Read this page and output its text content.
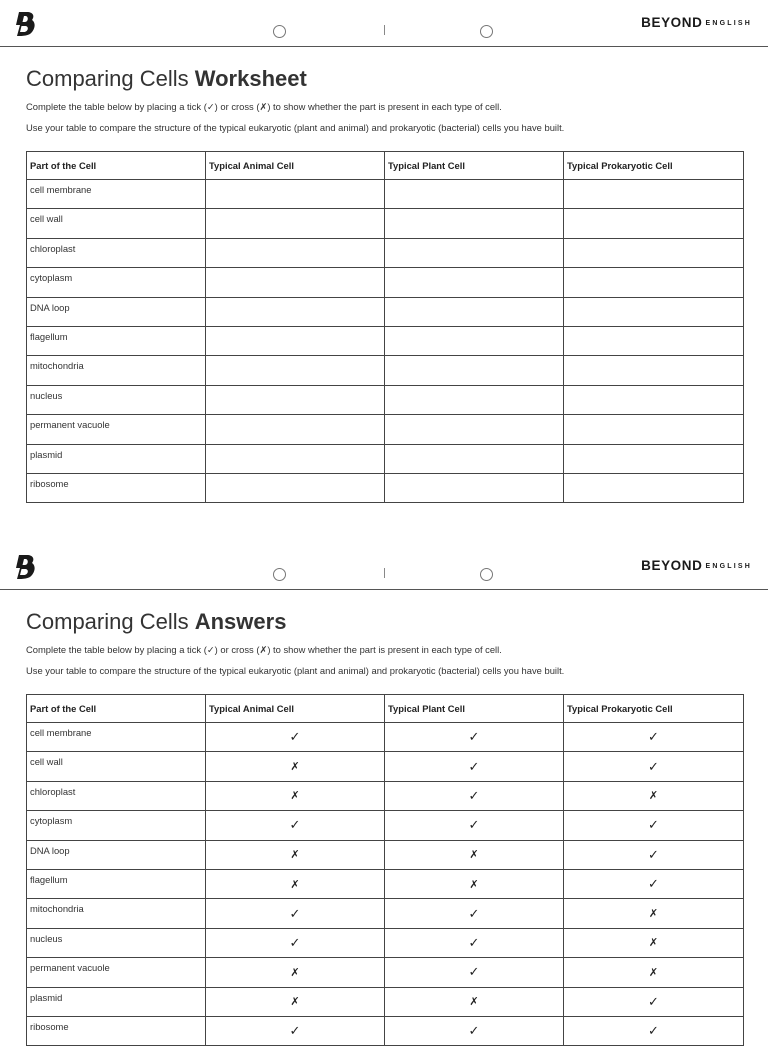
BEYOND ENGLISH
Comparing Cells Worksheet

Complete the table below by placing a tick (✓) or cross (✗) to show whether the part is present in each type of cell.

Use your table to compare the structure of the typical eukaryotic (plant and animal) and prokaryotic (bacterial) cells you have built.

Part of the Cell	Typical Animal Cell	Typical Plant Cell	Typical Prokaryotic Cell
cell membrane			
cell wall			
chloroplast			
cytoplasm			
DNA loop			
flagellum			
mitochondria			
nucleus			
permanent vacuole			
plasmid			
ribosome			
BEYOND ENGLISH
Comparing Cells Answers

Complete the table below by placing a tick (✓) or cross (✗) to show whether the part is present in each type of cell.

Use your table to compare the structure of the typical eukaryotic (plant and animal) and prokaryotic (bacterial) cells you have built.

Part of the Cell	Typical Animal Cell	Typical Plant Cell	Typical Prokaryotic Cell
cell membrane	✓	✓	✓
cell wall	✗	✓	✓
chloroplast	✗	✓	✗
cytoplasm	✓	✓	✓
DNA loop	✗	✗	✓
flagellum	✗	✗	✓
mitochondria	✓	✓	✗
nucleus	✓	✓	✗
permanent vacuole	✗	✓	✗
plasmid	✗	✗	✓
ribosome	✓	✓	✓
